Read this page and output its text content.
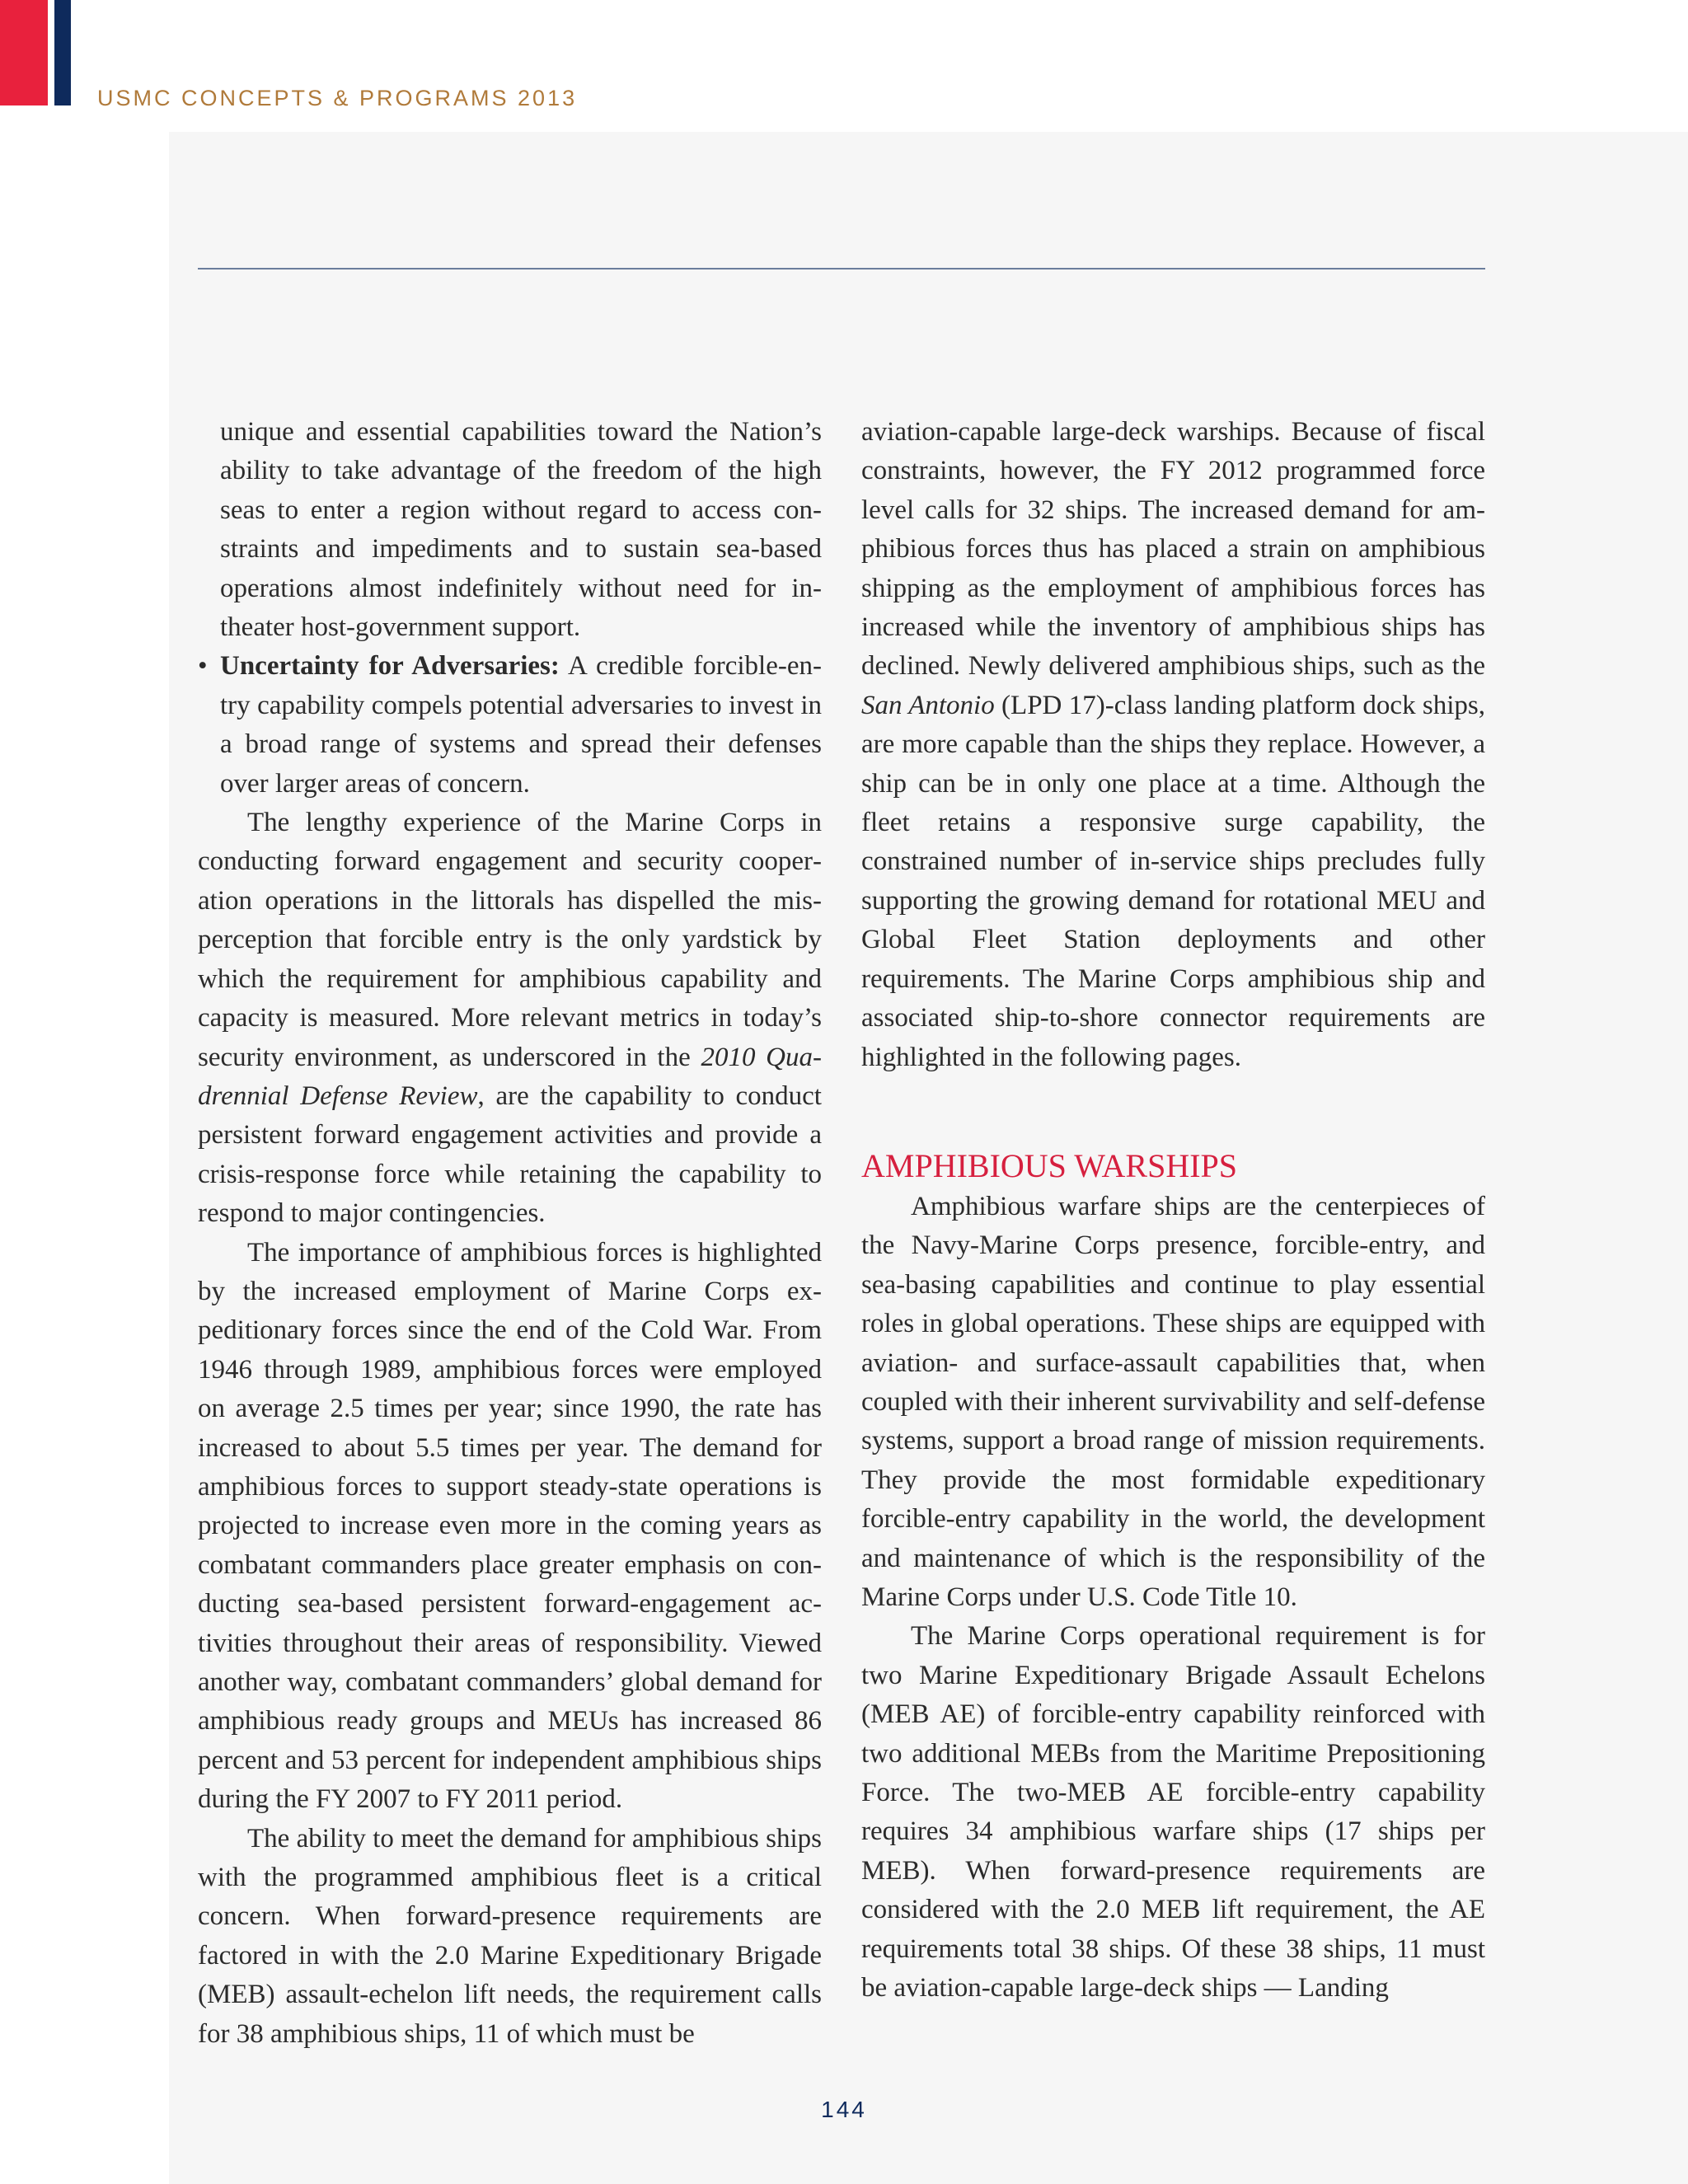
USMC CONCEPTS & PROGRAMS 2013

unique and essential capabilities toward the Nation’s ability to take advantage of the freedom of the high seas to enter a region without regard to access constraints and impediments and to sustain sea-based operations almost indefinitely without need for intheater host-government support.

• Uncertainty for Adversaries: A credible forcible-entry capability compels potential adversaries to invest in a broad range of systems and spread their defenses over larger areas of concern.

The lengthy experience of the Marine Corps in conducting forward engagement and security cooperation operations in the littorals has dispelled the misperception that forcible entry is the only yardstick by which the requirement for amphibious capability and capacity is measured. More relevant metrics in today’s security environment, as underscored in the 2010 Quadrennial Defense Review, are the capability to conduct persistent forward engagement activities and provide a crisis-response force while retaining the capability to respond to major contingencies.

The importance of amphibious forces is highlighted by the increased employment of Marine Corps expeditionary forces since the end of the Cold War. From 1946 through 1989, amphibious forces were employed on average 2.5 times per year; since 1990, the rate has increased to about 5.5 times per year. The demand for amphibious forces to support steady-state operations is projected to increase even more in the coming years as combatant commanders place greater emphasis on conducting sea-based persistent forward-engagement activities throughout their areas of responsibility. Viewed another way, combatant commanders’ global demand for amphibious ready groups and MEUs has increased 86 percent and 53 percent for independent amphibious ships during the FY 2007 to FY 2011 period.

The ability to meet the demand for amphibious ships with the programmed amphibious fleet is a critical concern. When forward-presence requirements are factored in with the 2.0 Marine Expeditionary Brigade (MEB) assault-echelon lift needs, the requirement calls for 38 amphibious ships, 11 of which must be

aviation-capable large-deck warships. Because of fiscal constraints, however, the FY 2012 programmed force level calls for 32 ships. The increased demand for amphibious forces thus has placed a strain on amphibious shipping as the employment of amphibious forces has increased while the inventory of amphibious ships has declined. Newly delivered amphibious ships, such as the San Antonio (LPD 17)-class landing platform dock ships, are more capable than the ships they replace. However, a ship can be in only one place at a time. Although the fleet retains a responsive surge capability, the constrained number of in-service ships precludes fully supporting the growing demand for rotational MEU and Global Fleet Station deployments and other requirements. The Marine Corps amphibious ship and associated ship-to-shore connector requirements are highlighted in the following pages.

AMPHIBIOUS WARSHIPS

Amphibious warfare ships are the centerpieces of the Navy-Marine Corps presence, forcible-entry, and sea-basing capabilities and continue to play essential roles in global operations. These ships are equipped with aviation- and surface-assault capabilities that, when coupled with their inherent survivability and self-defense systems, support a broad range of mission requirements. They provide the most formidable expeditionary forcible-entry capability in the world, the development and maintenance of which is the responsibility of the Marine Corps under U.S. Code Title 10.

The Marine Corps operational requirement is for two Marine Expeditionary Brigade Assault Echelons (MEB AE) of forcible-entry capability reinforced with two additional MEBs from the Maritime Prepositioning Force. The two-MEB AE forcible-entry capability requires 34 amphibious warfare ships (17 ships per MEB). When forward-presence requirements are considered with the 2.0 MEB lift requirement, the AE requirements total 38 ships. Of these 38 ships, 11 must be aviation-capable large-deck ships — Landing

144
